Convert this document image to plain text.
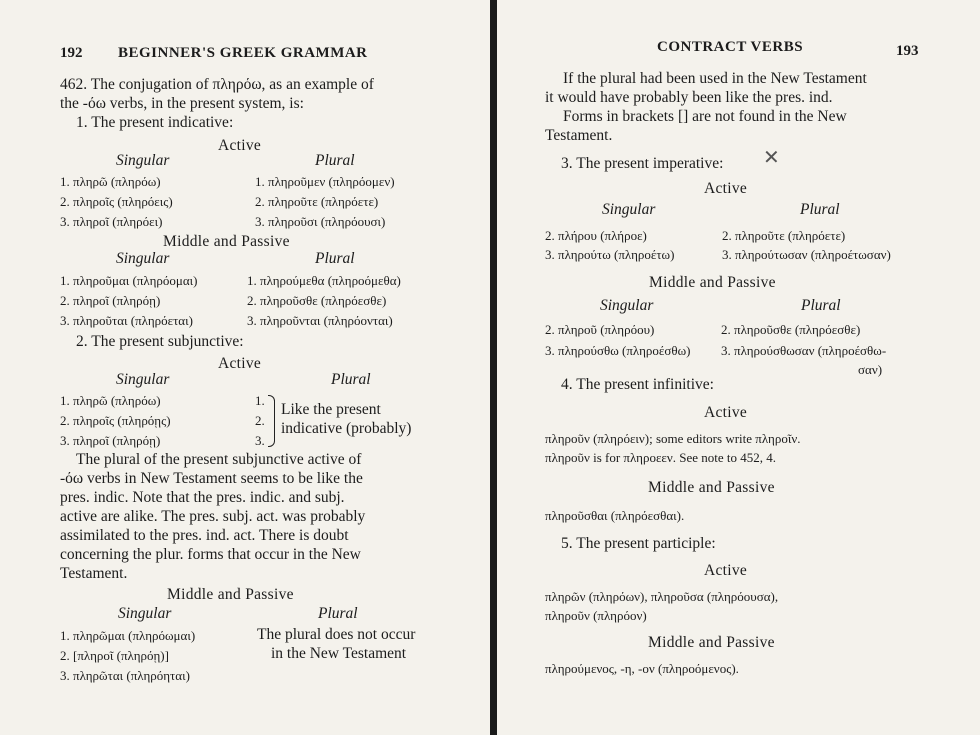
192 BEGINNER'S GREEK GRAMMAR
462. The conjugation of πληρόω, as an example of
the -όω verbs, in the present system, is:
1. The present indicative:
Active
Singular	Plural
1. πληρῶ (πληρόω)	1. πληροῦμεν (πληρόομεν)
2. πληροῖς (πληρόεις)	2. πληροῦτε (πληρόετε)
3. πληροῖ (πληρόει)	3. πληροῦσι (πληρόουσι)
Middle and Passive
Singular	Plural
1. πληροῦμαι (πληρόομαι)	1. πληρούμεθα (πληροόμεθα)
2. πληροῖ (πληρόῃ)	2. πληροῦσθε (πληρόεσθε)
3. πληροῦται (πληρόεται)	3. πληροῦνται (πληρόονται)
2. The present subjunctive:
Active
Singular	Plural
1. πληρῶ (πληρόω)	1.
2. πληροῖς (πληρόῃς)	2.
3. πληροῖ (πληρόῃ)	3.
Like the present
indicative (probably)
The plural of the present subjunctive active of
-όω verbs in New Testament seems to be like the
pres. indic. Note that the pres. indic. and subj.
active are alike. The pres. subj. act. was probably
assimilated to the pres. ind. act. There is doubt
concerning the plur. forms that occur in the New
Testament.
Middle and Passive
Singular	Plural
1. πληρῶμαι (πληρόωμαι)
2. [πληροῖ (πληρόῃ)]
3. πληρῶται (πληρόηται)
The plural does not occur
in the New Testament
CONTRACT VERBS	193
If the plural had been used in the New Testament
it would have probably been like the pres. ind.
Forms in brackets [] are not found in the New
Testament.
3. The present imperative: ✕
Active
Singular	Plural
2. πλήρου (πλήροε)	2. πληροῦτε (πληρόετε)
3. πληρούτω (πληροέτω)	3. πληρούτωσαν (πληροέτωσαν)
Middle and Passive
Singular	Plural
2. πληροῦ (πληρόου)	2. πληροῦσθε (πληρόεσθε)
3. πληρούσθω (πληροέσθω) 3. πληρούσθωσαν (πληροέσθω-
σαν)
4. The present infinitive:
Active
πληροῦν (πληρόειν); some editors write πληροῖν.
πληροῦν is for πληροεεν. See note to 452, 4.
Middle and Passive
πληροῦσθαι (πληρόεσθαι).
5. The present participle:
Active
πληρῶν (πληρόων), πληροῦσα (πληρόουσα),
πληροῦν (πληρόον)
Middle and Passive
πληρούμενος, -η, -ον (πληροόμενος).
